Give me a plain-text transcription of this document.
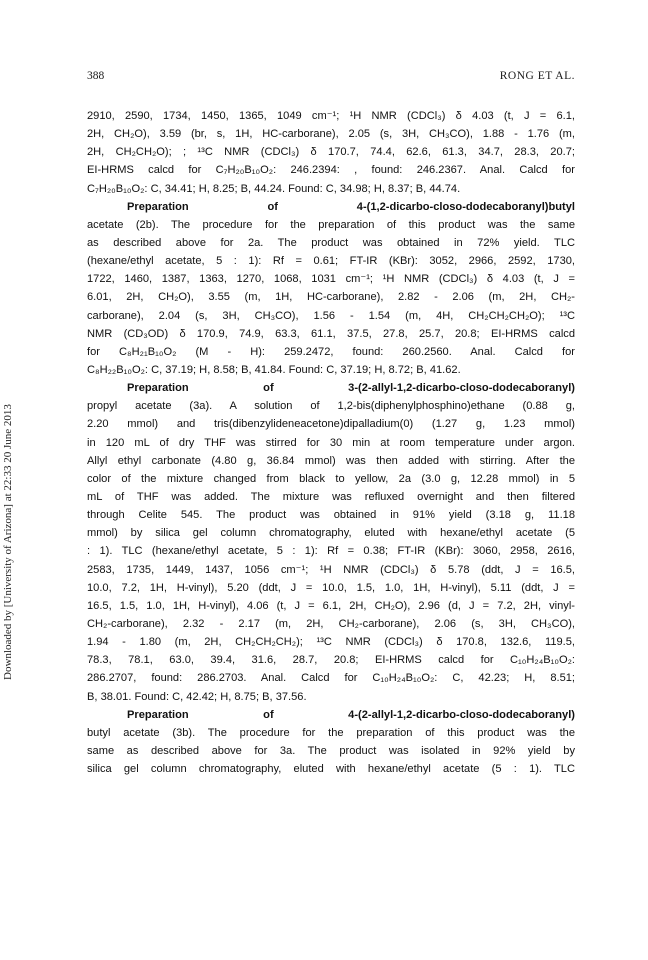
388	RONG ET AL.
Downloaded by [University of Arizona] at 22:33 20 June 2013
2910, 2590, 1734, 1450, 1365, 1049 cm⁻¹; ¹H NMR (CDCl₃) δ 4.03 (t, J = 6.1,
2H, CH₂O), 3.59 (br, s, 1H, HC-carborane), 2.05 (s, 3H, CH₃CO), 1.88 - 1.76 (m,
2H, CH₂CH₂O); ; ¹³C NMR (CDCl₃) δ 170.7, 74.4, 62.6, 61.3, 34.7, 28.3, 20.7;
EI-HRMS calcd for C₇H₂₀B₁₀O₂: 246.2394: , found: 246.2367. Anal. Calcd for
C₇H₂₀B₁₀O₂: C, 34.41; H, 8.25; B, 44.24. Found: C, 34.98; H, 8.37; B, 44.74.
Preparation of 4-(1,2-dicarbo-closo-dodecaboranyl)butyl
acetate (2b). The procedure for the preparation of this product was the same
as described above for 2a. The product was obtained in 72% yield. TLC
(hexane/ethyl acetate, 5 : 1): Rf = 0.61; FT-IR (KBr): 3052, 2966, 2592, 1730,
1722, 1460, 1387, 1363, 1270, 1068, 1031 cm⁻¹; ¹H NMR (CDCl₃) δ 4.03 (t, J =
6.01, 2H, CH₂O), 3.55 (m, 1H, HC-carborane), 2.82 - 2.06 (m, 2H, CH₂-
carborane), 2.04 (s, 3H, CH₃CO), 1.56 - 1.54 (m, 4H, CH₂CH₂CH₂O); ¹³C
NMR (CD₃OD) δ 170.9, 74.9, 63.3, 61.1, 37.5, 27.8, 25.7, 20.8; EI-HRMS calcd
for C₈H₂₁B₁₀O₂ (M - H): 259.2472, found: 260.2560. Anal. Calcd for
C₈H₂₂B₁₀O₂: C, 37.19; H, 8.58; B, 41.84. Found: C, 37.19; H, 8.72; B, 41.62.
Preparation of 3-(2-allyl-1,2-dicarbo-closo-dodecaboranyl)
propyl acetate (3a). A solution of 1,2-bis(diphenylphosphino)ethane (0.88 g,
2.20 mmol) and tris(dibenzylideneacetone)dipalladium(0) (1.27 g, 1.23 mmol)
in 120 mL of dry THF was stirred for 30 min at room temperature under argon.
Allyl ethyl carbonate (4.80 g, 36.84 mmol) was then added with stirring. After the
color of the mixture changed from black to yellow, 2a (3.0 g, 12.28 mmol) in 5
mL of THF was added. The mixture was refluxed overnight and then filtered
through Celite 545. The product was obtained in 91% yield (3.18 g, 11.18
mmol) by silica gel column chromatography, eluted with hexane/ethyl acetate (5
: 1). TLC (hexane/ethyl acetate, 5 : 1): Rf = 0.38; FT-IR (KBr): 3060, 2958, 2616,
2583, 1735, 1449, 1437, 1056 cm⁻¹; ¹H NMR (CDCl₃) δ 5.78 (ddt, J = 16.5,
10.0, 7.2, 1H, H-vinyl), 5.20 (ddt, J = 10.0, 1.5, 1.0, 1H, H-vinyl), 5.11 (ddt, J =
16.5, 1.5, 1.0, 1H, H-vinyl), 4.06 (t, J = 6.1, 2H, CH₂O), 2.96 (d, J = 7.2, 2H, vinyl-
CH₂-carborane), 2.32 - 2.17 (m, 2H, CH₂-carborane), 2.06 (s, 3H, CH₃CO),
1.94 - 1.80 (m, 2H, CH₂CH₂CH₂); ¹³C NMR (CDCl₃) δ 170.8, 132.6, 119.5,
78.3, 78.1, 63.0, 39.4, 31.6, 28.7, 20.8; EI-HRMS calcd for C₁₀H₂₄B₁₀O₂:
286.2707, found: 286.2703. Anal. Calcd for C₁₀H₂₄B₁₀O₂: C, 42.23; H, 8.51;
B, 38.01. Found: C, 42.42; H, 8.75; B, 37.56.
Preparation of 4-(2-allyl-1,2-dicarbo-closo-dodecaboranyl)
butyl acetate (3b). The procedure for the preparation of this product was the
same as described above for 3a. The product was isolated in 92% yield by
silica gel column chromatography, eluted with hexane/ethyl acetate (5 : 1). TLC
